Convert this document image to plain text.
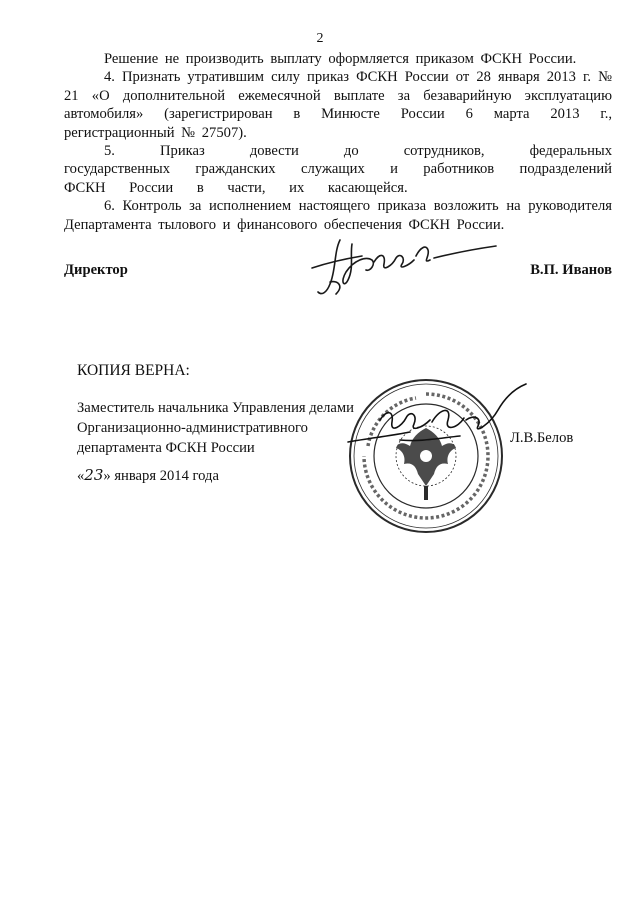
2

Решение не производить выплату оформляется приказом ФСКН России.

4. Признать утратившим силу приказ ФСКН России от 28 января 2013 г. № 21 «О дополнительной ежемесячной выплате за безаварийную эксплуатацию автомобиля» (зарегистрирован в Минюсте России 6 марта 2013 г., регистрационный № 27507).

5. Приказ довести до сотрудников, федеральных государственных гражданских служащих и работников подразделений ФСКН России в части, их касающейся.

6. Контроль за исполнением настоящего приказа возложить на руководителя Департамента тылового и финансового обеспечения ФСКН России.

Директор	В.П. Иванов
КОПИЯ ВЕРНА:
Заместитель начальника Управления делами
Организационно-административного
департамента ФСКН России
«23» января 2014 года
Л.В.Белов
